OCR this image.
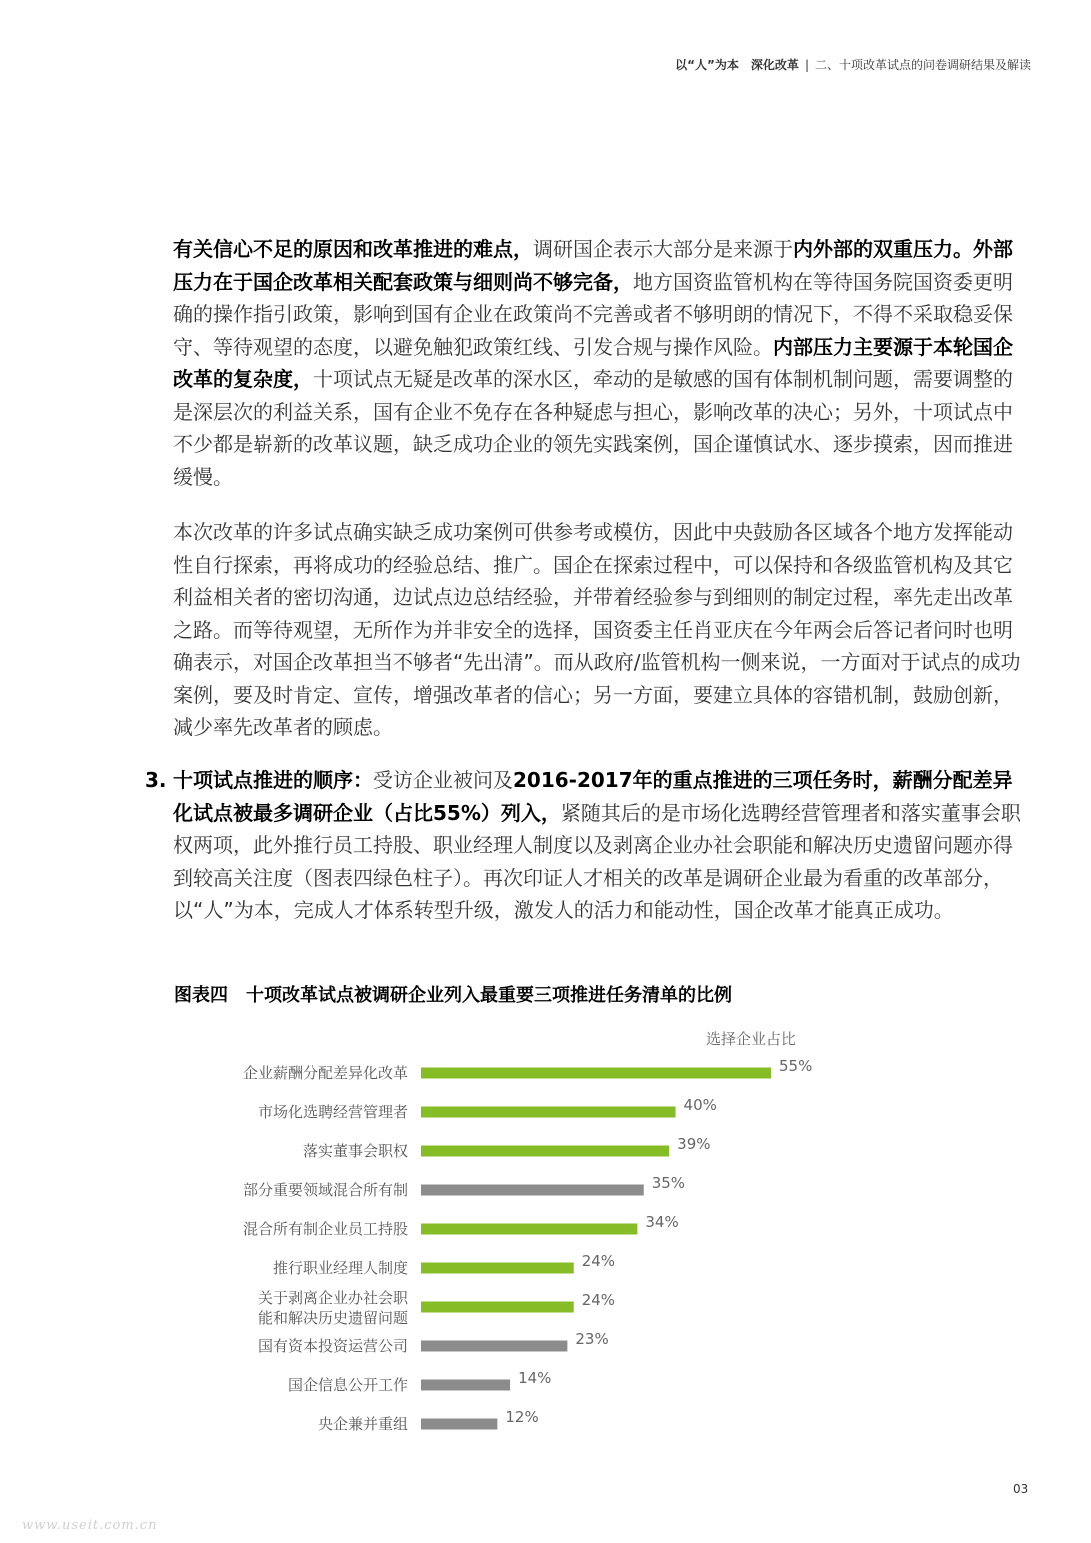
以“人”为本　深化改革 | 二、十项改革试点的问卷调研结果及解读
有关信心不足的原因和改革推进的难点，调研国企表示大部分是来源于内外部的双重压力。外部压力在于国企改革相关配套政策与细则尚不够完备，地方国资监管机构在等待国务院国资委更明确的操作指引政策，影响到国有企业在政策尚不完善或者不够明朗的情况下，不得不采取稳妥保守、等待观望的态度，以避免触犯政策红线、引发合规与操作风险。内部压力主要源于本轮国企改革的复杂度，十项试点无疑是改革的深水区，牵动的是敏感的国有体制机制问题，需要调整的是深层次的利益关系，国有企业不免存在各种疑虑与担心，影响改革的决心；另外，十项试点中不少都是崭新的改革议题，缺乏成功企业的领先实践案例，国企谨慎试水、逐步摸索，因而推进缓慢。
本次改革的许多试点确实缺乏成功案例可供参考或模仿，因此中央鼓励各区域各个地方发挥能动性自行探索，再将成功的经验总结、推广。国企在探索过程中，可以保持和各级监管机构及其它利益相关者的密切沟通，边试点边总结经验，并带着经验参与到细则的制定过程，率先走出改革之路。而等待观望，无所作为并非安全的选择，国资委主任肖亚庆在今年两会后答记者问时也明确表示，对国企改革担当不够者“先出清”。而从政府/监管机构一侧来说，一方面对于试点的成功案例，要及时肯定、宣传，增强改革者的信心；另一方面，要建立具体的容错机制，鼓励创新，减少率先改革者的顾虑。
3. 十项试点推进的顺序：受访企业被问及2016-2017年的重点推进的三项任务时，薪酬分配差异化试点被最多调研企业（占比55%）列入，紧随其后的是市场化选聘经营管理者和落实董事会职权两项，此外推行员工持股、职业经理人制度以及剥离企业办社会职能和解决历史遗留问题亦得到较高关注度（图表四绿色柱子）。再次印证人才相关的改革是调研企业最为看重的改革部分，以“人”为本，完成人才体系转型升级，激发人的活力和能动性，国企改革才能真正成功。
图表四　十项改革试点被调研企业列入最重要三项推进任务清单的比例
选择企业占比
55%
企业薪酬分配差异化改革
40%
市场化选聘经营管理者
39%
落实董事会职权
35%
部分重要领域混合所有制
34%
混合所有制企业员工持股
24%
推行职业经理人制度
24%
关于剥离企业办社会职能和解决历史遗留问题
23%
国有资本投资运营公司
14%
国企信息公开工作
12%
央企兼并重组
03
www.useit.com.cn
